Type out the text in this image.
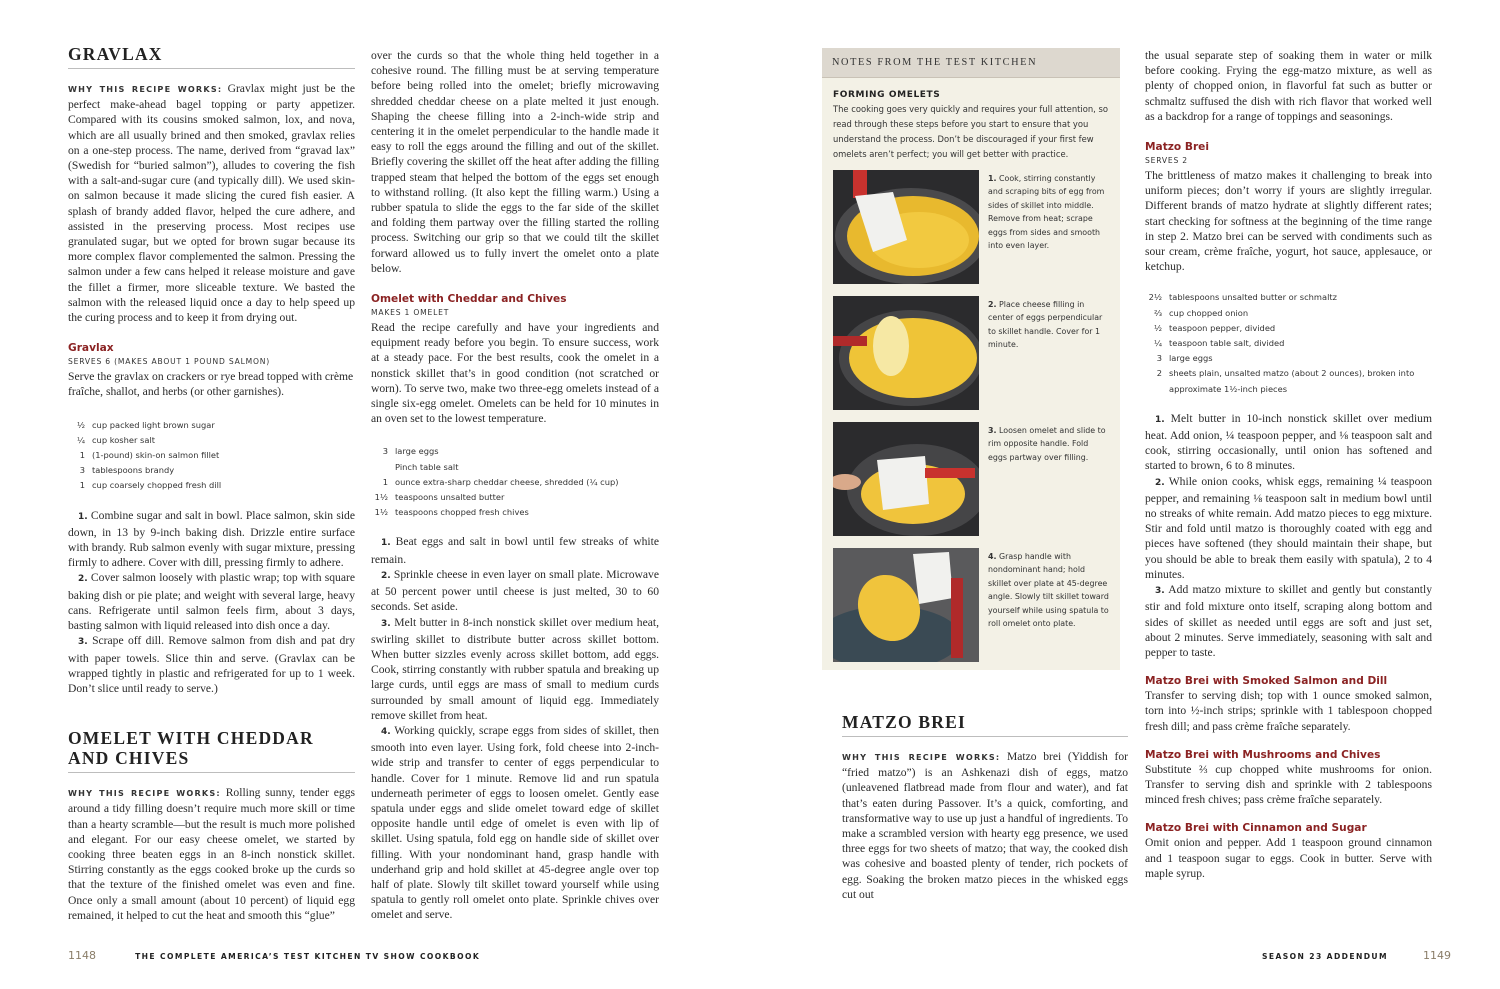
GRAVLAX

WHY THIS RECIPE WORKS: Gravlax might just be the perfect make-ahead bagel topping or party appetizer. Compared with its cousins smoked salmon, lox, and nova, which are all usually brined and then smoked, gravlax relies on a one-step process. The name, derived from “gravad lax” (Swedish for “buried salmon”), alludes to covering the fish with a salt-and-sugar cure (and typically dill). We used skin-on salmon because it made slicing the cured fish easier. A splash of brandy added flavor, helped the cure adhere, and assisted in the preserving process. Most recipes use granulated sugar, but we opted for brown sugar because its more complex flavor complemented the salmon. Pressing the salmon under a few cans helped it release moisture and gave the fillet a firmer, more sliceable texture. We basted the salmon with the released liquid once a day to help speed up the curing process and to keep it from drying out.

Gravlax
SERVES 6 (MAKES ABOUT 1 POUND SALMON)

Serve the gravlax on crackers or rye bread topped with crème fraîche, shallot, and herbs (or other garnishes).

½ cup packed light brown sugar
¼ cup kosher salt
1 (1-pound) skin-on salmon fillet
3 tablespoons brandy
1 cup coarsely chopped fresh dill

1. Combine sugar and salt in bowl. Place salmon, skin side down, in 13 by 9-inch baking dish. Drizzle entire surface with brandy. Rub salmon evenly with sugar mixture, pressing firmly to adhere. Cover with dill, pressing firmly to adhere.

2. Cover salmon loosely with plastic wrap; top with square baking dish or pie plate; and weight with several large, heavy cans. Refrigerate until salmon feels firm, about 3 days, basting salmon with liquid released into dish once a day.

3. Scrape off dill. Remove salmon from dish and pat dry with paper towels. Slice thin and serve. (Gravlax can be wrapped tightly in plastic and refrigerated for up to 1 week. Don’t slice until ready to serve.)

OMELET WITH CHEDDAR
AND CHIVES

WHY THIS RECIPE WORKS: Rolling sunny, tender eggs around a tidy filling doesn’t require much more skill or time than a hearty scramble—but the result is much more polished and elegant. For our easy cheese omelet, we started by cooking three beaten eggs in an 8-inch nonstick skillet. Stirring constantly as the eggs cooked broke up the curds so that the texture of the finished omelet was even and fine. Once only a small amount (about 10 percent) of liquid egg remained, it helped to cut the heat and smooth this “glue”

over the curds so that the whole thing held together in a cohesive round. The filling must be at serving temperature before being rolled into the omelet; briefly microwaving shredded cheddar cheese on a plate melted it just enough. Shaping the cheese filling into a 2-inch-wide strip and centering it in the omelet perpendicular to the handle made it easy to roll the eggs around the filling and out of the skillet. Briefly covering the skillet off the heat after adding the filling trapped steam that helped the bottom of the eggs set enough to withstand rolling. (It also kept the filling warm.) Using a rubber spatula to slide the eggs to the far side of the skillet and folding them partway over the filling started the rolling process. Switching our grip so that we could tilt the skillet forward allowed us to fully invert the omelet onto a plate below.

Omelet with Cheddar and Chives
MAKES 1 OMELET

Read the recipe carefully and have your ingredients and equipment ready before you begin. To ensure success, work at a steady pace. For the best results, cook the omelet in a nonstick skillet that’s in good condition (not scratched or worn). To serve two, make two three-egg omelets instead of a single six-egg omelet. Omelets can be held for 10 minutes in an oven set to the lowest temperature.

3 large eggs
Pinch table salt
1 ounce extra-sharp cheddar cheese, shredded (¼ cup)
1½ teaspoons unsalted butter
1½ teaspoons chopped fresh chives

1. Beat eggs and salt in bowl until few streaks of white remain.

2. Sprinkle cheese in even layer on small plate. Microwave at 50 percent power until cheese is just melted, 30 to 60 seconds. Set aside.

3. Melt butter in 8-inch nonstick skillet over medium heat, swirling skillet to distribute butter across skillet bottom. When butter sizzles evenly across skillet bottom, add eggs. Cook, stirring constantly with rubber spatula and breaking up large curds, until eggs are mass of small to medium curds surrounded by small amount of liquid egg. Immediately remove skillet from heat.

4. Working quickly, scrape eggs from sides of skillet, then smooth into even layer. Using fork, fold cheese into 2-inch-wide strip and transfer to center of eggs perpendicular to handle. Cover for 1 minute. Remove lid and run spatula underneath perimeter of eggs to loosen omelet. Gently ease spatula under eggs and slide omelet toward edge of skillet opposite handle until edge of omelet is even with lip of skillet. Using spatula, fold egg on handle side of skillet over filling. With your nondominant hand, grasp handle with underhand grip and hold skillet at 45-degree angle over top half of plate. Slowly tilt skillet toward yourself while using spatula to gently roll omelet onto plate. Sprinkle chives over omelet and serve.

1148	THE COMPLETE AMERICA’S TEST KITCHEN TV SHOW COOKBOOK
NOTES FROM THE TEST KITCHEN
FORMING OMELETS

The cooking goes very quickly and requires your full attention, so read through these steps before you start to ensure that you understand the process. Don’t be discouraged if your first few omelets aren’t perfect; you will get better with practice.

1. Cook, stirring constantly and scraping bits of egg from sides of skillet into middle. Remove from heat; scrape eggs from sides and smooth into even layer.
2. Place cheese filling in center of eggs perpendicular to skillet handle. Cover for 1 minute.
3. Loosen omelet and slide to rim opposite handle. Fold eggs partway over filling.
4. Grasp handle with nondominant hand; hold skillet over plate at 45-degree angle. Slowly tilt skillet toward yourself while using spatula to roll omelet onto plate.
MATZO BREI

WHY THIS RECIPE WORKS: Matzo brei (Yiddish for “fried matzo”) is an Ashkenazi dish of eggs, matzo (unleavened flatbread made from flour and water), and fat that’s eaten during Passover. It’s a quick, comforting, and transformative way to use up just a handful of ingredients. To make a scrambled version with hearty egg presence, we used three eggs for two sheets of matzo; that way, the cooked dish was cohesive and boasted plenty of tender, rich pockets of egg. Soaking the broken matzo pieces in the whisked eggs cut out

the usual separate step of soaking them in water or milk before cooking. Frying the egg-matzo mixture, as well as plenty of chopped onion, in flavorful fat such as butter or schmaltz suffused the dish with rich flavor that worked well as a backdrop for a range of toppings and seasonings.

Matzo Brei
SERVES 2

The brittleness of matzo makes it challenging to break into uniform pieces; don’t worry if yours are slightly irregular. Different brands of matzo hydrate at slightly different rates; start checking for softness at the beginning of the time range in step 2. Matzo brei can be served with condiments such as sour cream, crème fraîche, yogurt, hot sauce, applesauce, or ketchup.

2½ tablespoons unsalted butter or schmaltz
⅔ cup chopped onion
½ teaspoon pepper, divided
¼ teaspoon table salt, divided
3 large eggs
2 sheets plain, unsalted matzo (about 2 ounces), broken into approximate 1½-inch pieces

1. Melt butter in 10-inch nonstick skillet over medium heat. Add onion, ¼ teaspoon pepper, and ⅛ teaspoon salt and cook, stirring occasionally, until onion has softened and started to brown, 6 to 8 minutes.

2. While onion cooks, whisk eggs, remaining ¼ teaspoon pepper, and remaining ⅛ teaspoon salt in medium bowl until no streaks of white remain. Add matzo pieces to egg mixture. Stir and fold until matzo is thoroughly coated with egg and pieces have softened (they should maintain their shape, but you should be able to break them easily with spatula), 2 to 4 minutes.

3. Add matzo mixture to skillet and gently but constantly stir and fold mixture onto itself, scraping along bottom and sides of skillet as needed until eggs are soft and just set, about 2 minutes. Serve immediately, seasoning with salt and pepper to taste.

Matzo Brei with Smoked Salmon and Dill

Transfer to serving dish; top with 1 ounce smoked salmon, torn into ½-inch strips; sprinkle with 1 tablespoon chopped fresh dill; and pass crème fraîche separately.

Matzo Brei with Mushrooms and Chives

Substitute ⅔ cup chopped white mushrooms for onion. Transfer to serving dish and sprinkle with 2 tablespoons minced fresh chives; pass crème fraîche separately.

Matzo Brei with Cinnamon and Sugar

Omit onion and pepper. Add 1 teaspoon ground cinnamon and 1 teaspoon sugar to eggs. Cook in butter. Serve with maple syrup.

SEASON 23 ADDENDUM	1149
